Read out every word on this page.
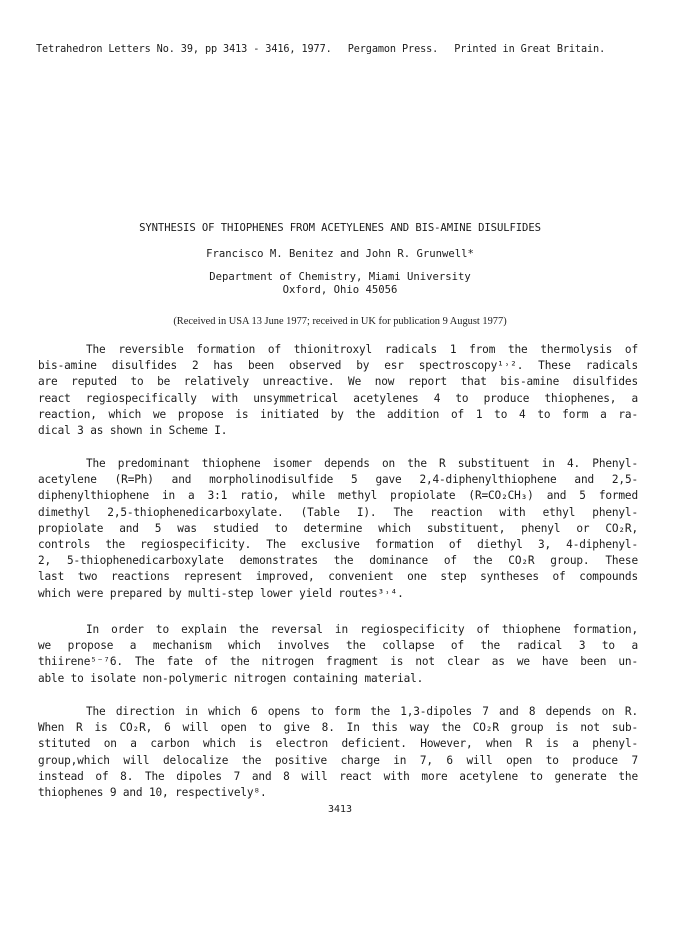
Tetrahedron Letters No. 39, pp 3413 - 3416, 1977. Pergamon Press. Printed in Great Britain.
SYNTHESIS OF THIOPHENES FROM ACETYLENES AND BIS-AMINE DISULFIDES
Francisco M. Benitez and John R. Grunwell*
Department of Chemistry, Miami University
Oxford, Ohio 45056
(Received in USA 13 June 1977; received in UK for publication 9 August 1977)
The reversible formation of thionitroxyl radicals 1 from the thermolysis of
bis-amine disulfides 2 has been observed by esr spectroscopy¹˒². These radicals
are reputed to be relatively unreactive. We now report that bis-amine disulfides
react regiospecifically with unsymmetrical acetylenes 4 to produce thiophenes, a
reaction, which we propose is initiated by the addition of 1 to 4 to form a ra-
dical 3 as shown in Scheme I.
The predominant thiophene isomer depends on the R substituent in 4. Phenyl-
acetylene (R=Ph) and morpholinodisulfide 5 gave 2,4-diphenylthiophene and 2,5-
diphenylthiophene in a 3:1 ratio, while methyl propiolate (R=CO₂CH₃) and 5 formed
dimethyl 2,5-thiophenedicarboxylate. (Table I). The reaction with ethyl phenyl-
propiolate and 5 was studied to determine which substituent, phenyl or CO₂R,
controls the regiospecificity. The exclusive formation of diethyl 3, 4-diphenyl-
2, 5-thiophenedicarboxylate demonstrates the dominance of the CO₂R group. These
last two reactions represent improved, convenient one step syntheses of compounds
which were prepared by multi-step lower yield routes³˒⁴.
In order to explain the reversal in regiospecificity of thiophene formation,
we propose a mechanism which involves the collapse of the radical 3 to a
thiirene⁵⁻⁷6. The fate of the nitrogen fragment is not clear as we have been un-
able to isolate non-polymeric nitrogen containing material.
The direction in which 6 opens to form the 1,3-dipoles 7 and 8 depends on R.
When R is CO₂R, 6 will open to give 8. In this way the CO₂R group is not sub-
stituted on a carbon which is electron deficient. However, when R is a phenyl-
group,which will delocalize the positive charge in 7, 6 will open to produce 7
instead of 8. The dipoles 7 and 8 will react with more acetylene to generate the
thiophenes 9 and 10, respectively⁸.
3413
